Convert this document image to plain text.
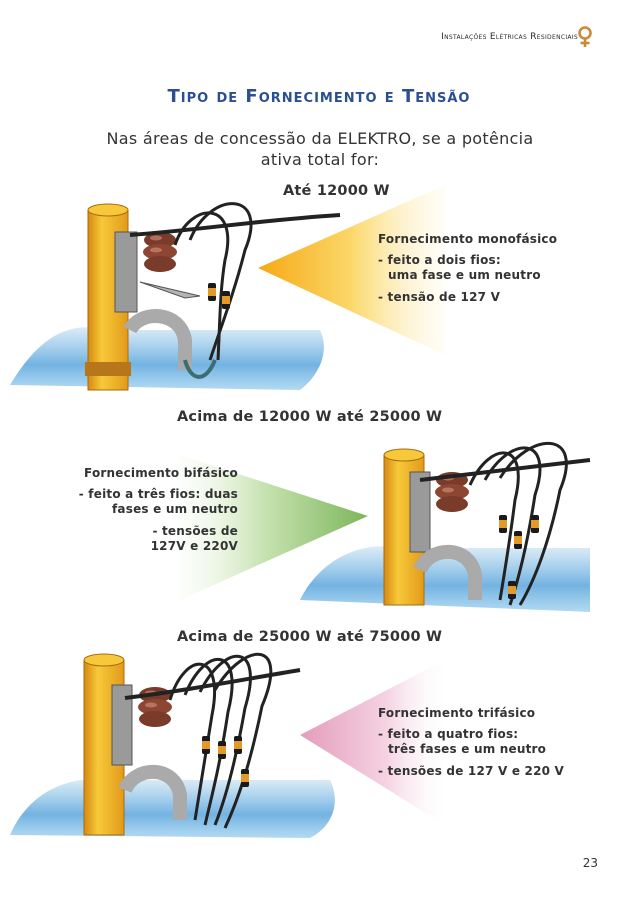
Instalações Elétricas Residenciais
Tipo de Fornecimento e Tensão
Nas áreas de concessão da ELEKTRO, se a potência ativa total for:
Até 12000 W
Fornecimento monofásico
- feito a dois fios:
uma fase e um neutro
- tensão de 127 V
Acima de 12000 W até 25000 W
Fornecimento bifásico
- feito a três fios: duas
fases e um neutro
- tensões de
127V e 220V
Acima de 25000 W até 75000 W
Fornecimento trifásico
- feito a quatro fios:
três fases e um neutro
- tensões de 127 V e 220 V
23
